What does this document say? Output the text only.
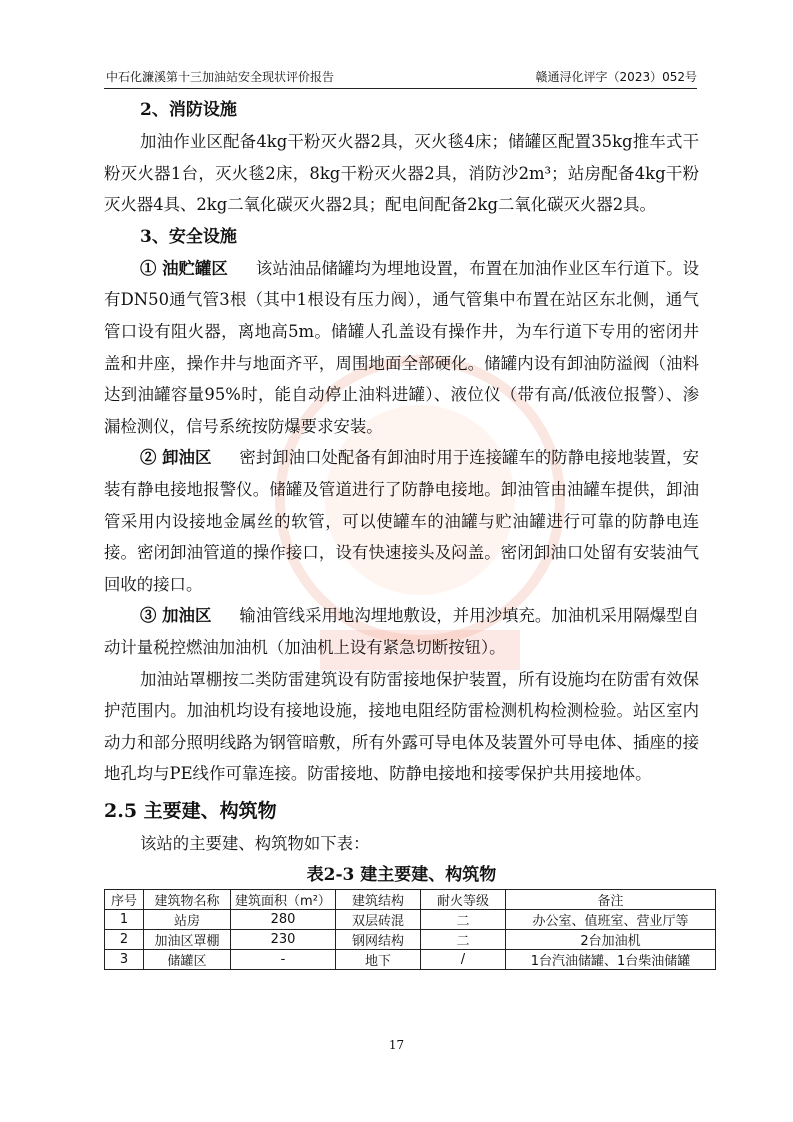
中石化濂溪第十三加油站安全现状评价报告	赣通浔化评字（2023）052号
2、消防设施

加油作业区配备4kg干粉灭火器2具，灭火毯4床；储罐区配置35kg推车式干粉灭火器1台，灭火毯2床，8kg干粉灭火器2具，消防沙2m³；站房配备4kg干粉灭火器4具、2kg二氧化碳灭火器2具；配电间配备2kg二氧化碳灭火器2具。

3、安全设施

① 油贮罐区 该站油品储罐均为埋地设置，布置在加油作业区车行道下。设有DN50通气管3根（其中1根设有压力阀），通气管集中布置在站区东北侧，通气管口设有阻火器，离地高5m。储罐人孔盖设有操作井，为车行道下专用的密闭井盖和井座，操作井与地面齐平，周围地面全部硬化。储罐内设有卸油防溢阀（油料达到油罐容量95%时，能自动停止油料进罐）、液位仪（带有高/低液位报警）、渗漏检测仪，信号系统按防爆要求安装。

② 卸油区 密封卸油口处配备有卸油时用于连接罐车的防静电接地装置，安装有静电接地报警仪。储罐及管道进行了防静电接地。卸油管由油罐车提供，卸油管采用内设接地金属丝的软管，可以使罐车的油罐与贮油罐进行可靠的防静电连接。密闭卸油管道的操作接口，设有快速接头及闷盖。密闭卸油口处留有安装油气回收的接口。

③ 加油区 输油管线采用地沟埋地敷设，并用沙填充。加油机采用隔爆型自动计量税控燃油加油机（加油机上设有紧急切断按钮）。

加油站罩棚按二类防雷建筑设有防雷接地保护装置，所有设施均在防雷有效保护范围内。加油机均设有接地设施，接地电阻经防雷检测机构检测检验。站区室内动力和部分照明线路为钢管暗敷，所有外露可导电体及装置外可导电体、插座的接地孔均与PE线作可靠连接。防雷接地、防静电接地和接零保护共用接地体。

2.5 主要建、构筑物

该站的主要建、构筑物如下表：

表2-3 建主要建、构筑物
序号	建筑物名称	建筑面积（m²）	建筑结构	耐火等级	备注
1	站房	280	双层砖混	二	办公室、值班室、营业厅等
2	加油区罩棚	230	钢网结构	二	2台加油机
3	储罐区	-	地下	/	1台汽油储罐、1台柴油储罐
17
